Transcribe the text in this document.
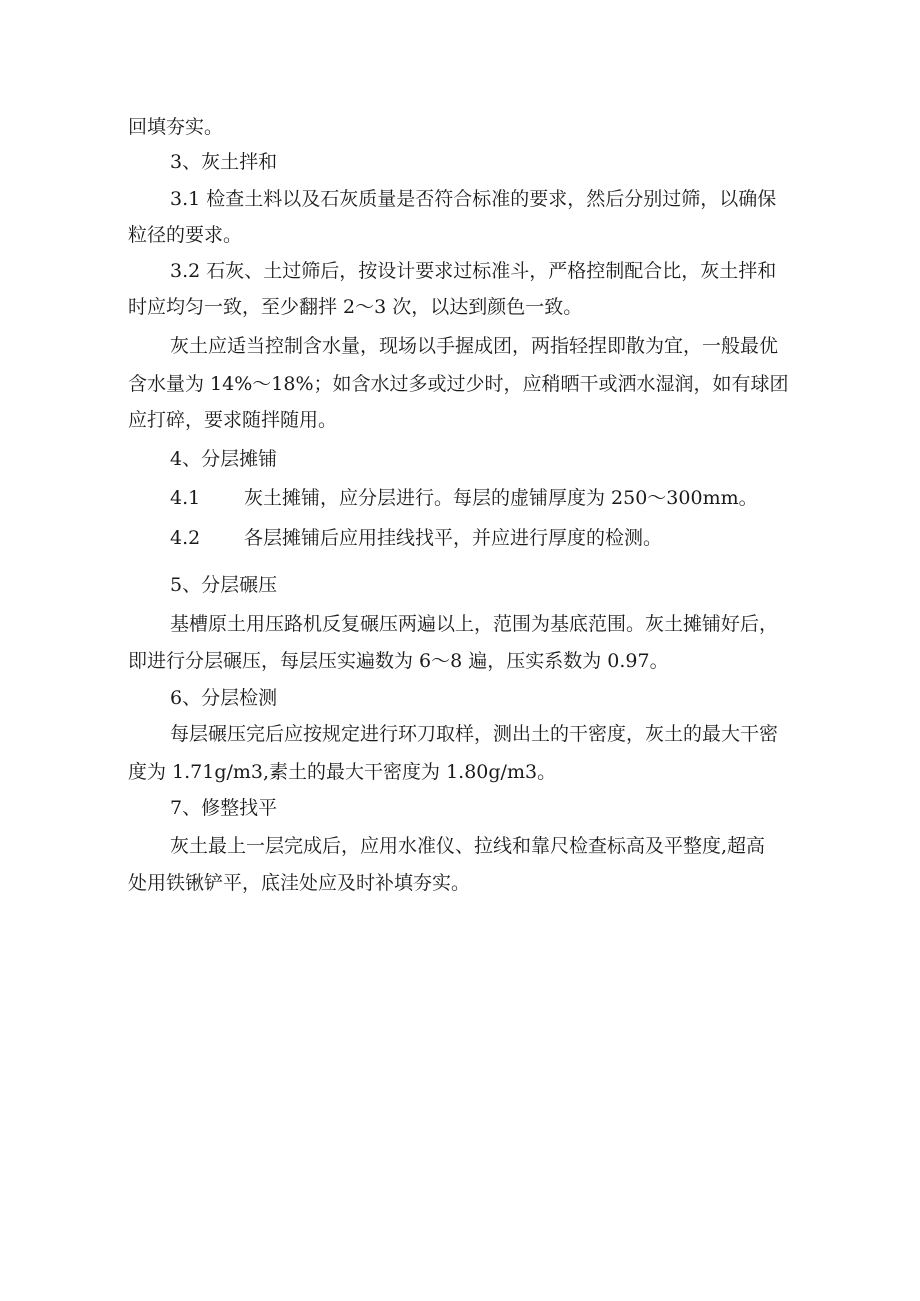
回填夯实。
3、灰土拌和
3.1 检查土料以及石灰质量是否符合标准的要求，然后分别过筛，以确保
粒径的要求。
3.2 石灰、土过筛后，按设计要求过标准斗，严格控制配合比，灰土拌和
时应均匀一致，至少翻拌 2～3 次，以达到颜色一致。
灰土应适当控制含水量，现场以手握成团，两指轻捏即散为宜，一般最优
含水量为 14%～18%；如含水过多或过少时，应稍晒干或洒水湿润，如有球团
应打碎，要求随拌随用。
4、分层摊铺
4.1 灰土摊铺，应分层进行。每层的虚铺厚度为 250～300mm。
4.2 各层摊铺后应用挂线找平，并应进行厚度的检测。
5、分层碾压
基槽原土用压路机反复碾压两遍以上，范围为基底范围。灰土摊铺好后，
即进行分层碾压，每层压实遍数为 6～8 遍，压实系数为 0.97。
6、分层检测
每层碾压完后应按规定进行环刀取样，测出土的干密度，灰土的最大干密
度为 1.71g/m3,素土的最大干密度为 1.80g/m3。
7、修整找平
灰土最上一层完成后，应用水准仪、拉线和靠尺检查标高及平整度,超高
处用铁锹铲平，底洼处应及时补填夯实。
